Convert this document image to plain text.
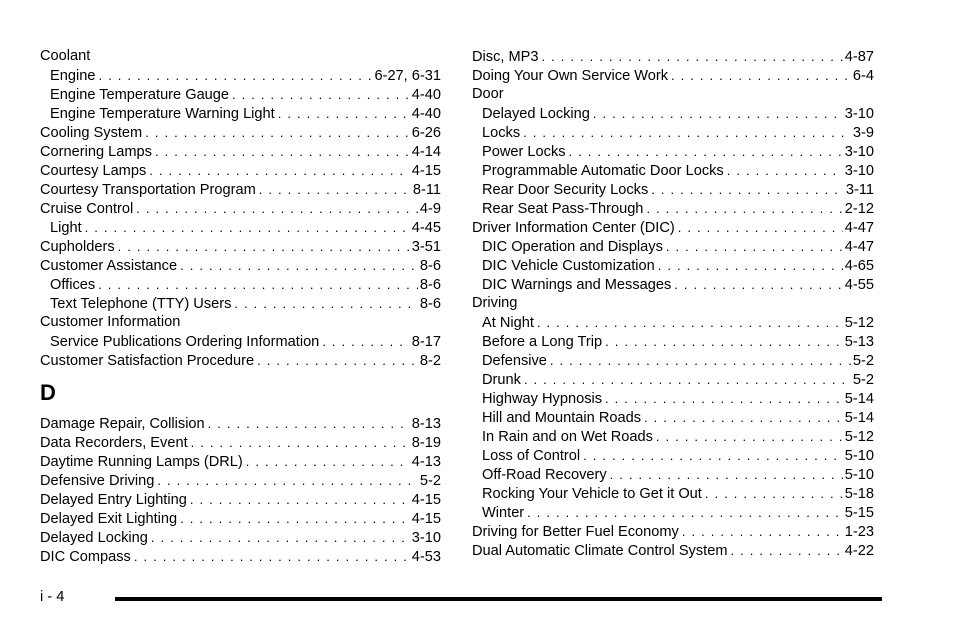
Coolant
Engine . . .	6-27, 6-31
Engine Temperature Gauge . . .	4-40
Engine Temperature Warning Light . . .	4-40
Cooling System . . .	6-26
Cornering Lamps . . .	4-14
Courtesy Lamps . . .	4-15
Courtesy Transportation Program . . .	8-11
Cruise Control . . .	4-9
Light . . .	4-45
Cupholders . . .	3-51
Customer Assistance . . .	8-6
Offices . . .	8-6
Text Telephone (TTY) Users . . .	8-6
Customer Information
Service Publications Ordering Information . . .	8-17
Customer Satisfaction Procedure . . .	8-2
D
Damage Repair, Collision . . .	8-13
Data Recorders, Event . . .	8-19
Daytime Running Lamps (DRL) . . .	4-13
Defensive Driving . . .	5-2
Delayed Entry Lighting . . .	4-15
Delayed Exit Lighting . . .	4-15
Delayed Locking . . .	3-10
DIC Compass . . .	4-53
Disc, MP3 . . .	4-87
Doing Your Own Service Work . . .	6-4
Door
Delayed Locking . . .	3-10
Locks . . .	3-9
Power Locks . . .	3-10
Programmable Automatic Door Locks . . .	3-10
Rear Door Security Locks . . .	3-11
Rear Seat Pass-Through . . .	2-12
Driver Information Center (DIC) . . .	4-47
DIC Operation and Displays . . .	4-47
DIC Vehicle Customization . . .	4-65
DIC Warnings and Messages . . .	4-55
Driving
At Night . . .	5-12
Before a Long Trip . . .	5-13
Defensive . . .	5-2
Drunk . . .	5-2
Highway Hypnosis . . .	5-14
Hill and Mountain Roads . . .	5-14
In Rain and on Wet Roads . . .	5-12
Loss of Control . . .	5-10
Off-Road Recovery . . .	5-10
Rocking Your Vehicle to Get it Out . . .	5-18
Winter . . .	5-15
Driving for Better Fuel Economy . . .	1-23
Dual Automatic Climate Control System . . .	4-22
i - 4
